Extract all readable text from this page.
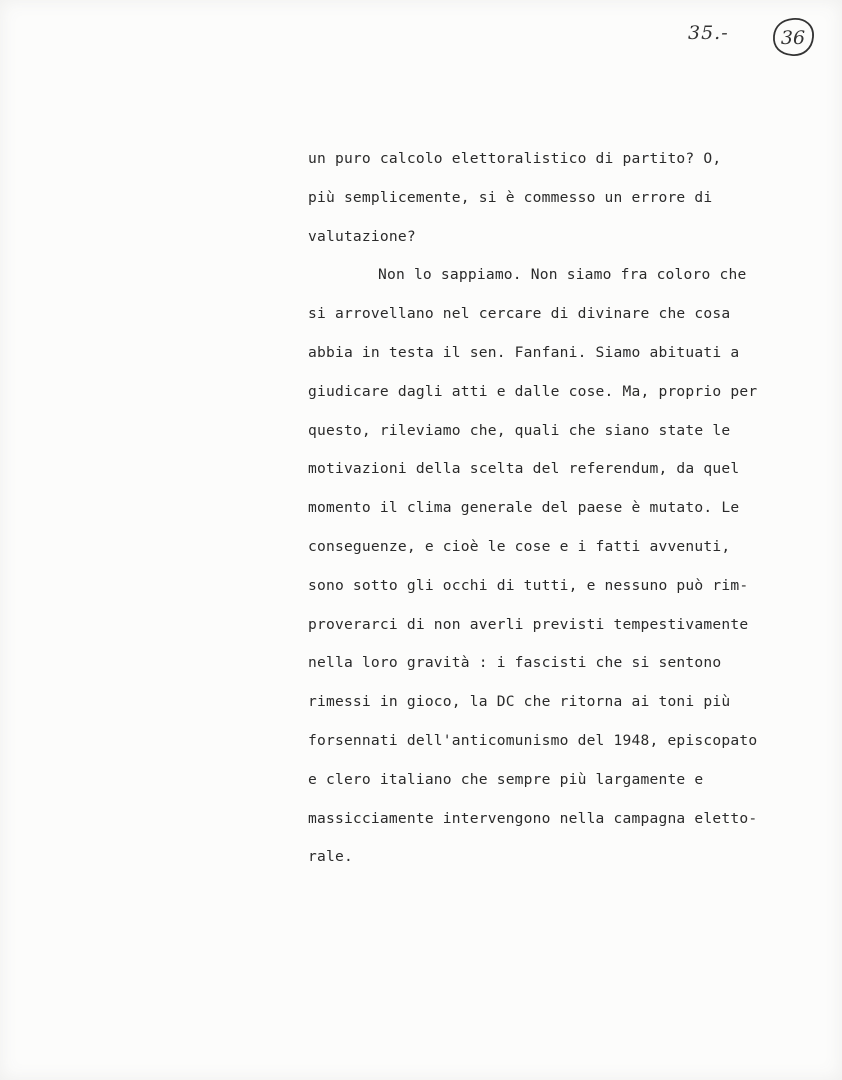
35.-	36
un puro calcolo elettoralistico di partito? O,
più semplicemente, si è commesso un errore di
valutazione?
Non lo sappiamo. Non siamo fra coloro che
si arrovellano nel cercare di divinare che cosa
abbia in testa il sen. Fanfani. Siamo abituati a
giudicare dagli atti e dalle cose. Ma, proprio per
questo, rileviamo che, quali che siano state le
motivazioni della scelta del referendum, da quel
momento il clima generale del paese è mutato. Le
conseguenze, e cioè le cose e i fatti avvenuti,
sono sotto gli occhi di tutti, e nessuno può rim-
proverarci di non averli previsti tempestivamente
nella loro gravità : i fascisti che si sentono
rimessi in gioco, la DC che ritorna ai toni più
forsennati dell'anticomunismo del 1948, episcopato
e clero italiano che sempre più largamente e
massicciamente intervengono nella campagna eletto-
rale.
